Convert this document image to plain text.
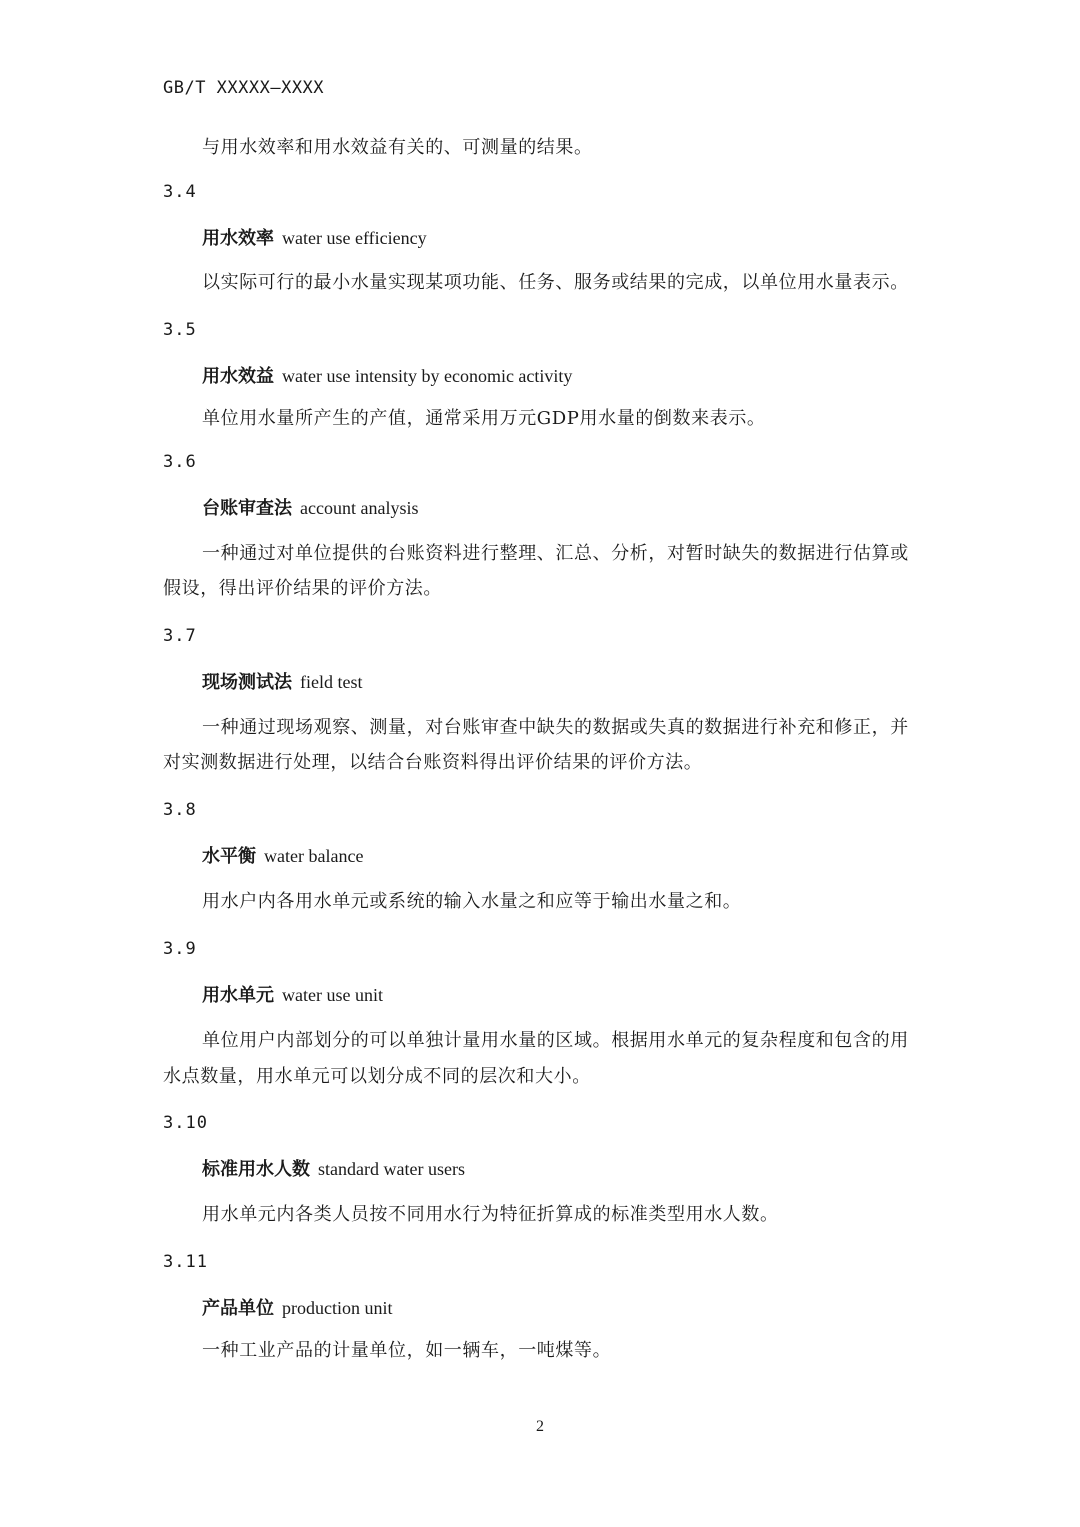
GB/T XXXXX—XXXX
与用水效率和用水效益有关的、可测量的结果。
3.4
用水效率 water use efficiency
以实际可行的最小水量实现某项功能、任务、服务或结果的完成，以单位用水量表示。
3.5
用水效益 water use intensity by economic activity
单位用水量所产生的产值，通常采用万元GDP用水量的倒数来表示。
3.6
台账审查法 account analysis
一种通过对单位提供的台账资料进行整理、汇总、分析，对暂时缺失的数据进行估算或
假设，得出评价结果的评价方法。
3.7
现场测试法 field test
一种通过现场观察、测量，对台账审查中缺失的数据或失真的数据进行补充和修正，并
对实测数据进行处理，以结合台账资料得出评价结果的评价方法。
3.8
水平衡 water balance
用水户内各用水单元或系统的输入水量之和应等于输出水量之和。
3.9
用水单元 water use unit
单位用户内部划分的可以单独计量用水量的区域。根据用水单元的复杂程度和包含的用
水点数量，用水单元可以划分成不同的层次和大小。
3.10
标准用水人数 standard water users
用水单元内各类人员按不同用水行为特征折算成的标准类型用水人数。
3.11
产品单位 production unit
一种工业产品的计量单位，如一辆车，一吨煤等。
2
